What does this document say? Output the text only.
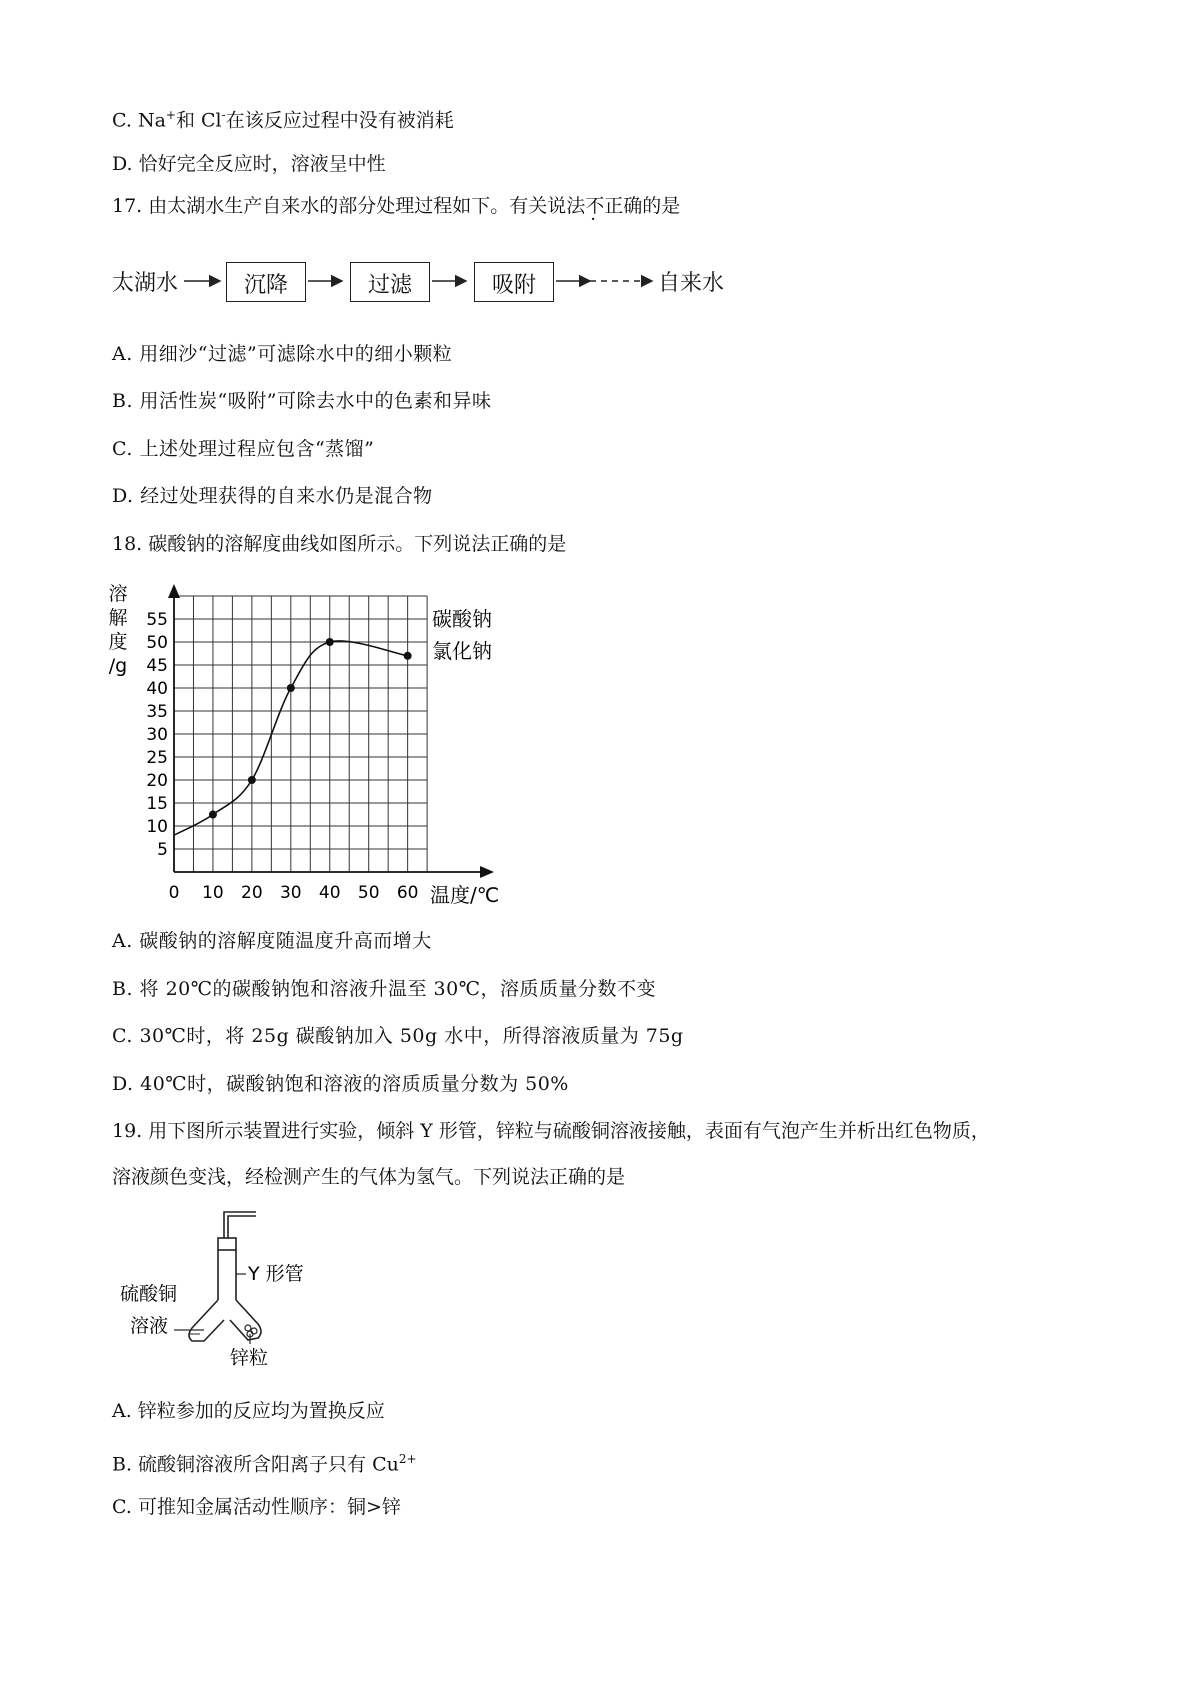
C. Na+和 Cl-在该反应过程中没有被消耗
D. 恰好完全反应时，溶液呈中性
17. 由太湖水生产自来水的部分处理过程如下。有关说法不正确的是
太湖水	沉降	过滤	吸附	自来水
A. 用细沙“过滤”可滤除水中的细小颗粒
B. 用活性炭“吸附”可除去水中的色素和异味
C. 上述处理过程应包含“蒸馏”
D. 经过处理获得的自来水仍是混合物
18. 碳酸钠的溶解度曲线如图所示。下列说法正确的是
5
10
15
20
25
30
35
40
45
50
55
0 10 20 30 40 50 60
溶
解
度
/g
温度/℃
碳酸钠
氯化钠
A. 碳酸钠的溶解度随温度升高而增大
B. 将 20℃的碳酸钠饱和溶液升温至 30℃，溶质质量分数不变
C. 30℃时，将 25g 碳酸钠加入 50g 水中，所得溶液质量为 75g
D. 40℃时，碳酸钠饱和溶液的溶质质量分数为 50%
19. 用下图所示装置进行实验，倾斜 Y 形管，锌粒与硫酸铜溶液接触，表面有气泡产生并析出红色物质，
溶液颜色变浅，经检测产生的气体为氢气。下列说法正确的是
硫酸铜
溶液
Y 形管
锌粒
A. 锌粒参加的反应均为置换反应
B. 硫酸铜溶液所含阳离子只有 $Cu^{2+}$
C. 可推知金属活动性顺序：铜>锌
